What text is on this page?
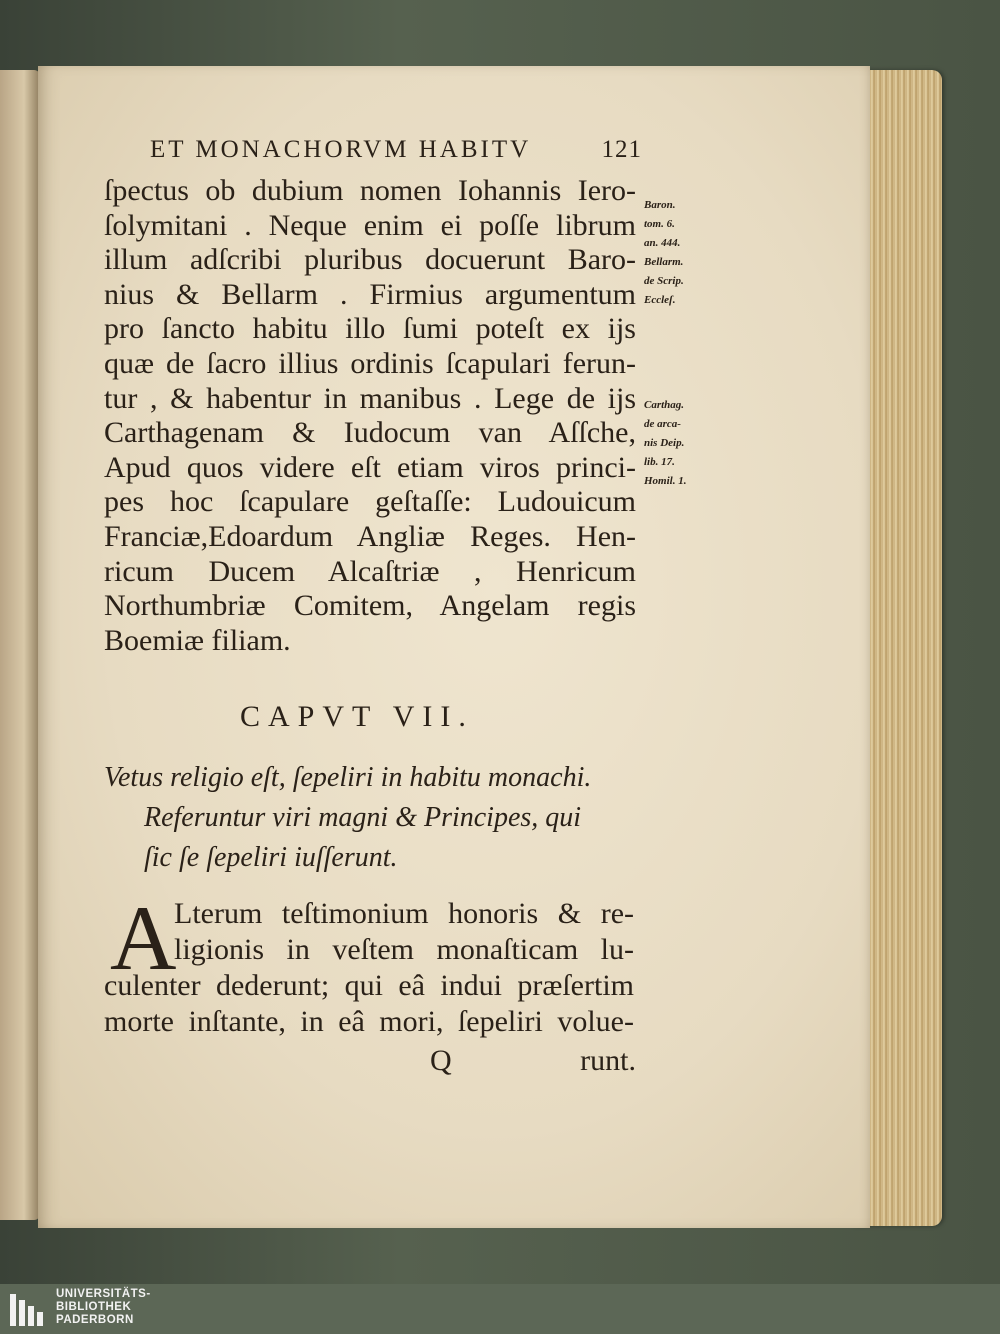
ET MONACHORVM HABITV	121
ſpectus ob dubium nomen Iohannis Iero-
ſolymitani . Neque enim ei poſſe librum
illum adſcribi pluribus docuerunt Baro-
nius & Bellarm . Firmius argumentum
pro ſancto habitu illo ſumi poteſt ex ijs
quæ de ſacro illius ordinis ſcapulari ferun-
tur , & habentur in manibus . Lege de ijs
Carthagenam & Iudocum van Aſſche,
Apud quos videre eſt etiam viros princi-
pes hoc ſcapulare geſtaſſe: Ludouicum
Franciæ,Edoardum Angliæ Reges. Hen-
ricum Ducem Alcaſtriæ , Henricum
Northumbriæ Comitem, Angelam regis
Boemiæ filiam.
Baron.
tom. 6.
an. 444.
Bellarm.
de Scrip.
Eccleſ.
Carthag.
de arca-
nis Deip.
lib. 17.
Homil. 1.
CAPVT VII.
Vetus religio eſt, ſepeliri in habitu monachi.
Referuntur viri magni & Principes, qui
ſic ſe ſepeliri iuſſerunt.
A
Lterum teſtimonium honoris & re-
ligionis in veſtem monaſticam lu-
culenter dederunt; qui eâ indui præſertim
morte inſtante, in eâ mori, ſepeliri volue-
Q	runt.
UNIVERSITÄTS-
BIBLIOTHEK
PADERBORN
